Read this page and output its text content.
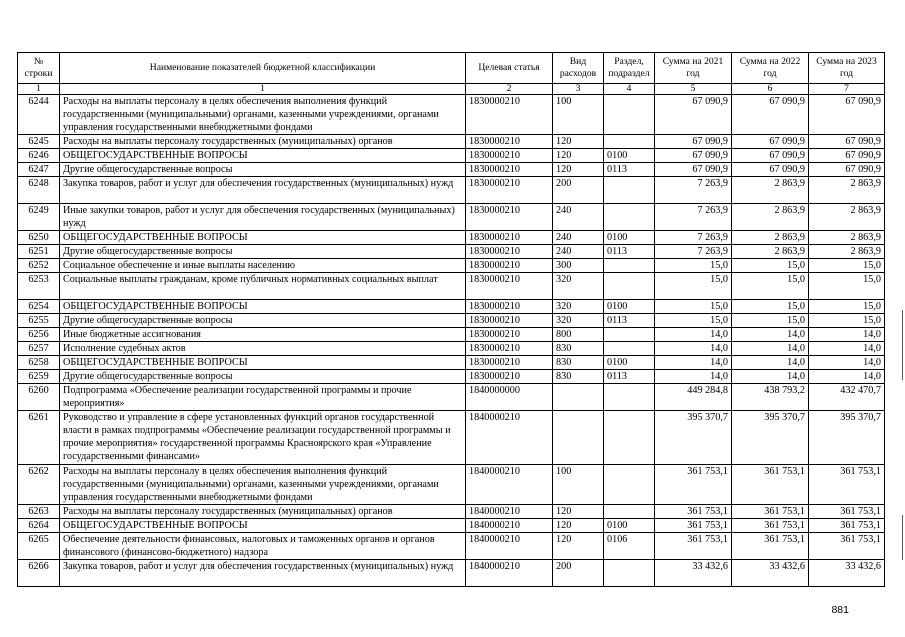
№ строки	Наименование показателей бюджетной классификации	Целевая статья	Вид расходов	Раздел, подраздел	Сумма на 2021 год	Сумма на 2022 год	Сумма на 2023 год
1	1	2	3	4	5	6	7
6244	Расходы на выплаты персоналу в целях обеспечения выполнения функций государственными (муниципальными) органами, казенными учреждениями, органами управления государственными внебюджетными фондами	1830000210	100		67 090,9	67 090,9	67 090,9
6245	Расходы на выплаты персоналу государственных (муниципальных) органов	1830000210	120		67 090,9	67 090,9	67 090,9
6246	ОБЩЕГОСУДАРСТВЕННЫЕ ВОПРОСЫ	1830000210	120	0100	67 090,9	67 090,9	67 090,9
6247	Другие общегосударственные вопросы	1830000210	120	0113	67 090,9	67 090,9	67 090,9
6248	Закупка товаров, работ и услуг для обеспечения государственных (муниципальных) нужд	1830000210	200		7 263,9	2 863,9	2 863,9
6249	Иные закупки товаров, работ и услуг для обеспечения государственных (муниципальных) нужд	1830000210	240		7 263,9	2 863,9	2 863,9
6250	ОБЩЕГОСУДАРСТВЕННЫЕ ВОПРОСЫ	1830000210	240	0100	7 263,9	2 863,9	2 863,9
6251	Другие общегосударственные вопросы	1830000210	240	0113	7 263,9	2 863,9	2 863,9
6252	Социальное обеспечение и иные выплаты населению	1830000210	300		15,0	15,0	15,0
6253	Социальные выплаты гражданам, кроме публичных нормативных социальных выплат	1830000210	320		15,0	15,0	15,0
6254	ОБЩЕГОСУДАРСТВЕННЫЕ ВОПРОСЫ	1830000210	320	0100	15,0	15,0	15,0
6255	Другие общегосударственные вопросы	1830000210	320	0113	15,0	15,0	15,0
6256	Иные бюджетные ассигнования	1830000210	800		14,0	14,0	14,0
6257	Исполнение судебных актов	1830000210	830		14,0	14,0	14,0
6258	ОБЩЕГОСУДАРСТВЕННЫЕ ВОПРОСЫ	1830000210	830	0100	14,0	14,0	14,0
6259	Другие общегосударственные вопросы	1830000210	830	0113	14,0	14,0	14,0
6260	Подпрограмма «Обеспечение реализации государственной программы и прочие мероприятия»	1840000000			449 284,8	438 793,2	432 470,7
6261	Руководство и управление в сфере установленных функций органов государственной власти в рамках подпрограммы «Обеспечение реализации государственной программы и прочие мероприятия» государственной программы Красноярского края «Управление государственными финансами»	1840000210			395 370,7	395 370,7	395 370,7
6262	Расходы на выплаты персоналу в целях обеспечения выполнения функций государственными (муниципальными) органами, казенными учреждениями, органами управления государственными внебюджетными фондами	1840000210	100		361 753,1	361 753,1	361 753,1
6263	Расходы на выплаты персоналу государственных (муниципальных) органов	1840000210	120		361 753,1	361 753,1	361 753,1
6264	ОБЩЕГОСУДАРСТВЕННЫЕ ВОПРОСЫ	1840000210	120	0100	361 753,1	361 753,1	361 753,1
6265	Обеспечение деятельности финансовых, налоговых и таможенных органов и органов финансового (финансово-бюджетного) надзора	1840000210	120	0106	361 753,1	361 753,1	361 753,1
6266	Закупка товаров, работ и услуг для обеспечения государственных (муниципальных) нужд	1840000210	200		33 432,6	33 432,6	33 432,6
881
